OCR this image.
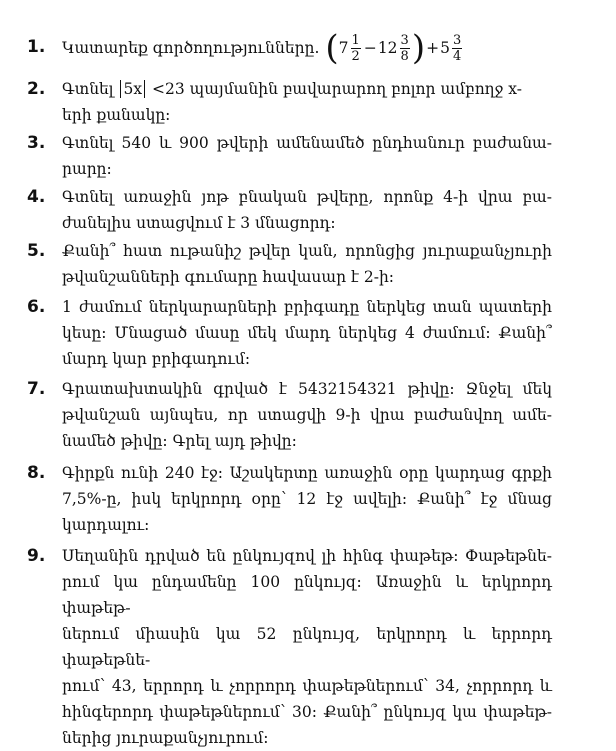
1. Կատարեք գործողությունները. ( $7 \frac{1}{2} - 12 \frac{3}{8}$ ) + $5 \frac{3}{4}$
2. Գտնել 5x <23 պայմանին բավարարող բոլոր ամբողջ x-
երի քանակը:
3. Գտնել 540 և 900 թվերի ամենամեծ ընդհանուր բաժանա-
րարը:
4. Գտնել առաջին յոթ բնական թվերը, որոնք 4-ի վրա բա-
ժանելիս ստացվում է 3 մնացորդ:
5. Քանի՞ հատ ութանիշ թվեր կան, որոնցից յուրաքանչյուրի
թվանշանների գումարը հավասար է 2-ի:
6. 1 ժամում ներկարարների բրիգադը ներկեց տան պատերի
կեսը: Մնացած մասը մեկ մարդ ներկեց 4 ժամում: Քանի՞
մարդ կար բրիգադում:
7. Գրատախտակին գրված է 5432154321 թիվը: Ջնջել մեկ
թվանշան այնպես, որ ստացվի 9-ի վրա բաժանվող ամե-
նամեծ թիվը: Գրել այդ թիվը:
8. Գիրքն ունի 240 էջ: Աշակերտը առաջին օրը կարդաց գրքի
7,5%-ը, իսկ երկրորդ օրը՝ 12 էջ ավելի: Քանի՞ էջ մնաց
կարդալու:
9. Սեղանին դրված են ընկույզով լի հինգ փաթեթ: Փաթեթնե-
րում կա ընդամենը 100 ընկույզ: Առաջին և երկրորդ փաթեթ-
ներում միասին կա 52 ընկույզ, երկրորդ և երրորդ փաթեթնե-
րում՝ 43, երրորդ և չորրորդ փաթեթներում՝ 34, չորրորդ և
հինգերորդ փաթեթներում՝ 30: Քանի՞ ընկույզ կա փաթեթ-
ներից յուրաքանչյուրում:
